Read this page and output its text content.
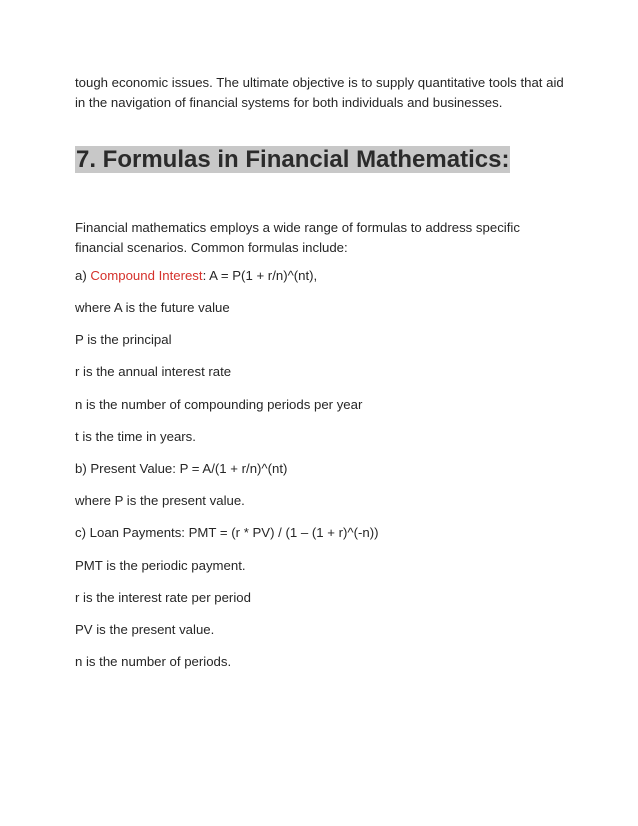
tough economic issues. The ultimate objective is to supply quantitative tools that aid in the navigation of financial systems for both individuals and businesses.

7. Formulas in Financial Mathematics:

Financial mathematics employs a wide range of formulas to address specific financial scenarios. Common formulas include:

a) Compound Interest: A = P(1 + r/n)^(nt),

where A is the future value

P is the principal

r is the annual interest rate

n is the number of compounding periods per year

t is the time in years.

b) Present Value: P = A/(1 + r/n)^(nt)

where P is the present value.

c) Loan Payments: PMT = (r * PV) / (1 – (1 + r)^(-n))

PMT is the periodic payment.

r is the interest rate per period

PV is the present value.

n is the number of periods.
